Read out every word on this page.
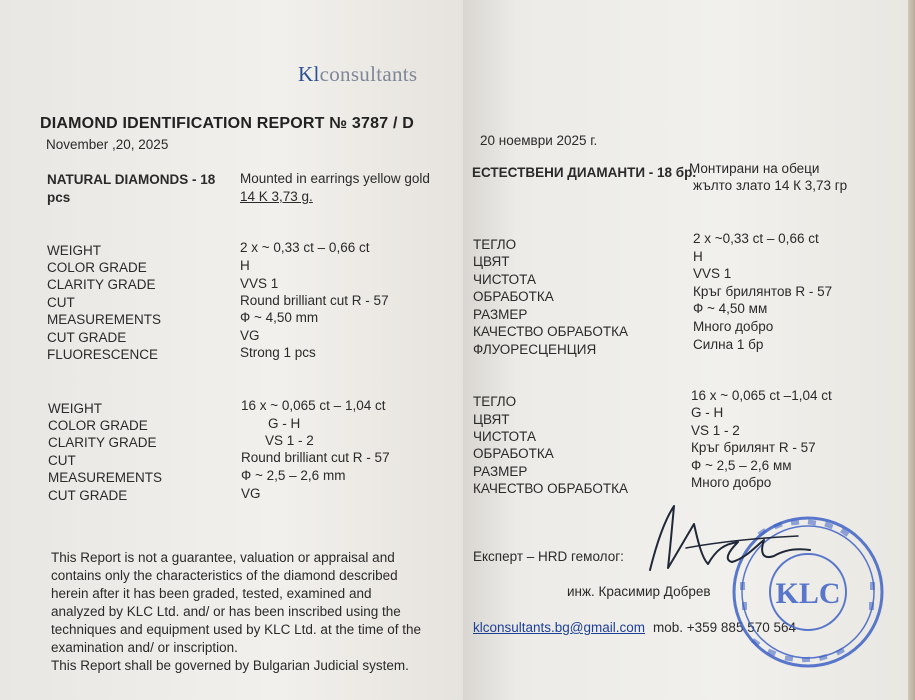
Klconsultants
DIAMOND IDENTIFICATION REPORT № 3787 / D
November ,20, 2025
NATURAL DIAMONDS - 18
pcs
Mounted in earrings yellow gold
14 K 3,73 g.
WEIGHT
COLOR GRADE
CLARITY GRADE
CUT
MEASUREMENTS
CUT GRADE
FLUORESCENCE
2 x ~ 0,33 ct – 0,66 ct
H
VVS 1
Round brilliant cut R - 57
Ф ~ 4,50 mm
VG
Strong 1 pcs
WEIGHT
COLOR GRADE
CLARITY GRADE
CUT
MEASUREMENTS
CUT GRADE
16 x ~ 0,065 ct – 1,04 ct
G - H
VS 1 - 2
Round brilliant cut R - 57
Ф ~ 2,5 – 2,6 mm
VG

This Report is not a guarantee, valuation or appraisal and contains only the characteristics of the diamond described herein after it has been graded, tested, examined and analyzed by KLC Ltd. and/ or has been inscribed using the techniques and equipment used by KLC Ltd. at the time of the examination and/ or inscription.

This Report shall be governed by Bulgarian Judicial system.

20 ноември 2025 г.
ЕСТЕСТВЕНИ ДИАМАНТИ - 18 бр.
Монтирани на обеци
жълто злато 14 К 3,73 гр
ТЕГЛО
ЦВЯТ
ЧИСТОТА
ОБРАБОТКА
РАЗМЕР
КАЧЕСТВО ОБРАБОТКА
ФЛУОРЕСЦЕНЦИЯ
2 х ~0,33 ct – 0,66 ct
H
VVS 1
Кръг брилянтов R - 57
Ф ~ 4,50 мм
Много добро
Силна 1 бр
ТЕГЛО
ЦВЯТ
ЧИСТОТА
ОБРАБОТКА
РАЗМЕР
КАЧЕСТВО ОБРАБОТКА
16 х ~ 0,065 ct –1,04 ct
G - H
VS 1 - 2
Кръг брилянт R - 57
Ф ~ 2,5 – 2,6 мм
Много добро
Експерт – HRD гемолог:
инж. Красимир Добрев
klconsultants.bg@gmail.com mob. +359 885 570 564
KLC
